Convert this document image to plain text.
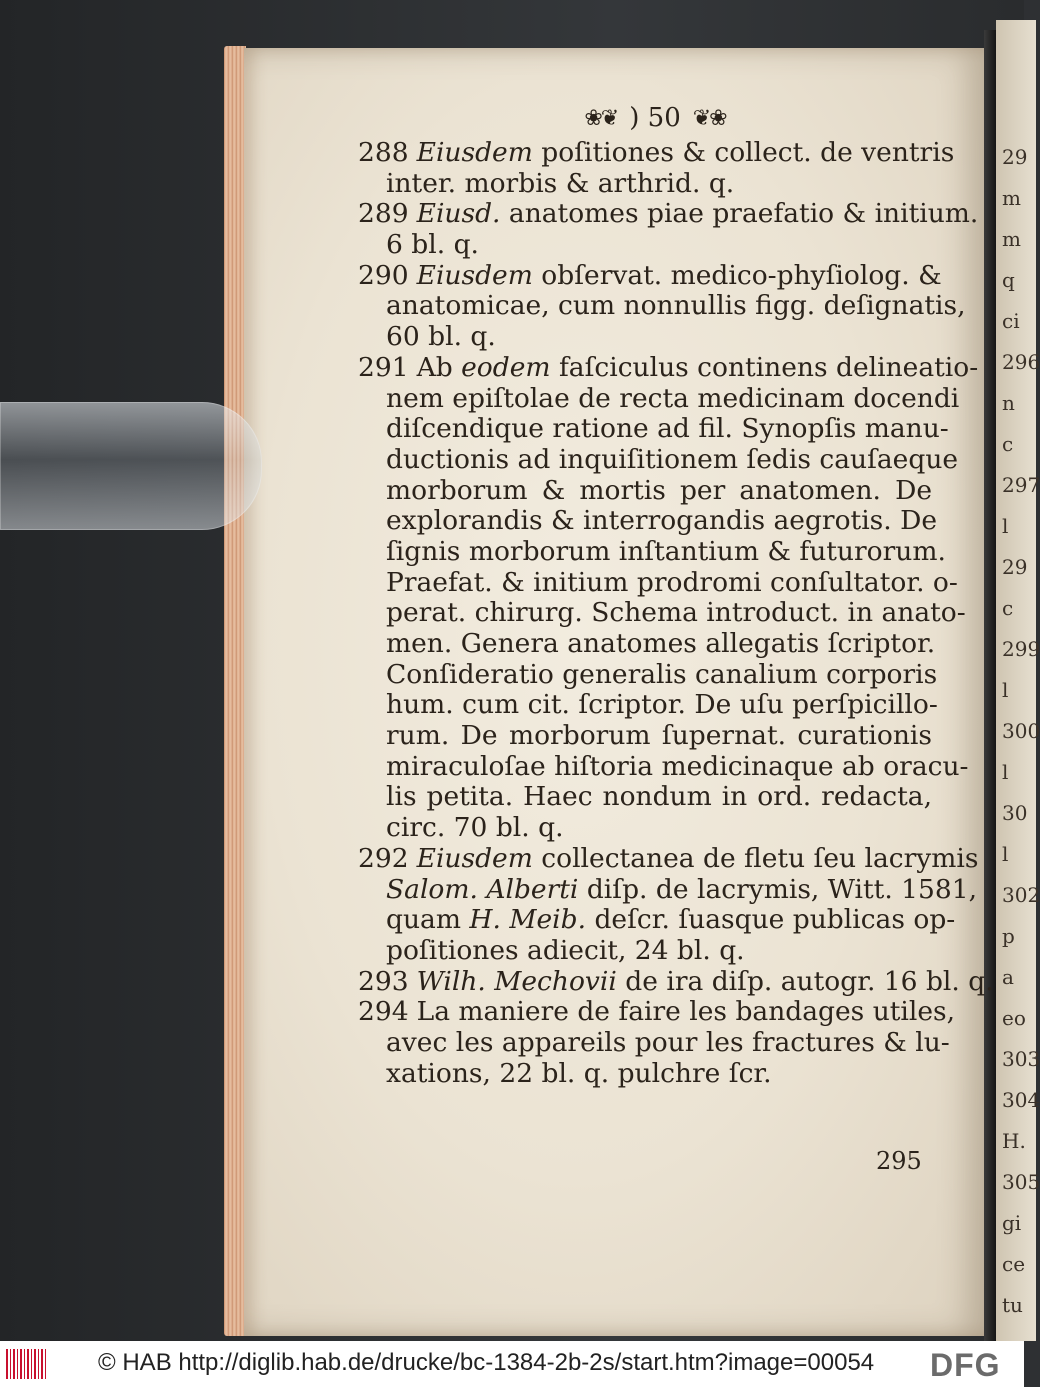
29
m
m
q
ci
296
n
c
297
l
29
c
299
l
300
l
30
l
302
p
a
eo
303
304
H.
305
gi
ce
tu
❀❦ ) 50 ❦❀
288 Eiusdem poſitiones & collect. de ventris
inter. morbis & arthrid. q.
289 Eiusd. anatomes piae praefatio & initium.
6 bl. q.
290 Eiusdem obſervat. medico-phyſiolog. &
anatomicae, cum nonnullis figg. deſignatis,
60 bl. q.
291 Ab eodem faſciculus continens delineatio-
nem epiſtolae de recta medicinam docendi
diſcendique ratione ad fil. Synopſis manu-
ductionis ad inquiſitionem ſedis cauſaeque
morborum & mortis per anatomen. De
explorandis & interrogandis aegrotis. De
ſignis morborum inſtantium & futurorum.
Praefat. & initium prodromi conſultator. o-
perat. chirurg. Schema introduct. in anato-
men. Genera anatomes allegatis ſcriptor.
Conſideratio generalis canalium corporis
hum. cum cit. ſcriptor. De uſu perſpicillo-
rum. De morborum ſupernat. curationis
miraculoſae hiſtoria medicinaque ab oracu-
lis petita. Haec nondum in ord. redacta,
circ. 70 bl. q.
292 Eiusdem collectanea de fletu ſeu lacrymis
Salom. Alberti diſp. de lacrymis, Witt. 1581,
quam H. Meib. deſcr. ſuasque publicas op-
poſitiones adiecit, 24 bl. q.
293 Wilh. Mechovii de ira diſp. autogr. 16 bl. q.
294 La maniere de faire les bandages utiles,
avec les appareils pour les fractures & lu-
xations, 22 bl. q. pulchre ſcr.
295
© HAB http://diglib.hab.de/drucke/bc-1384-2b-2s/start.htm?image=00054 DFG
